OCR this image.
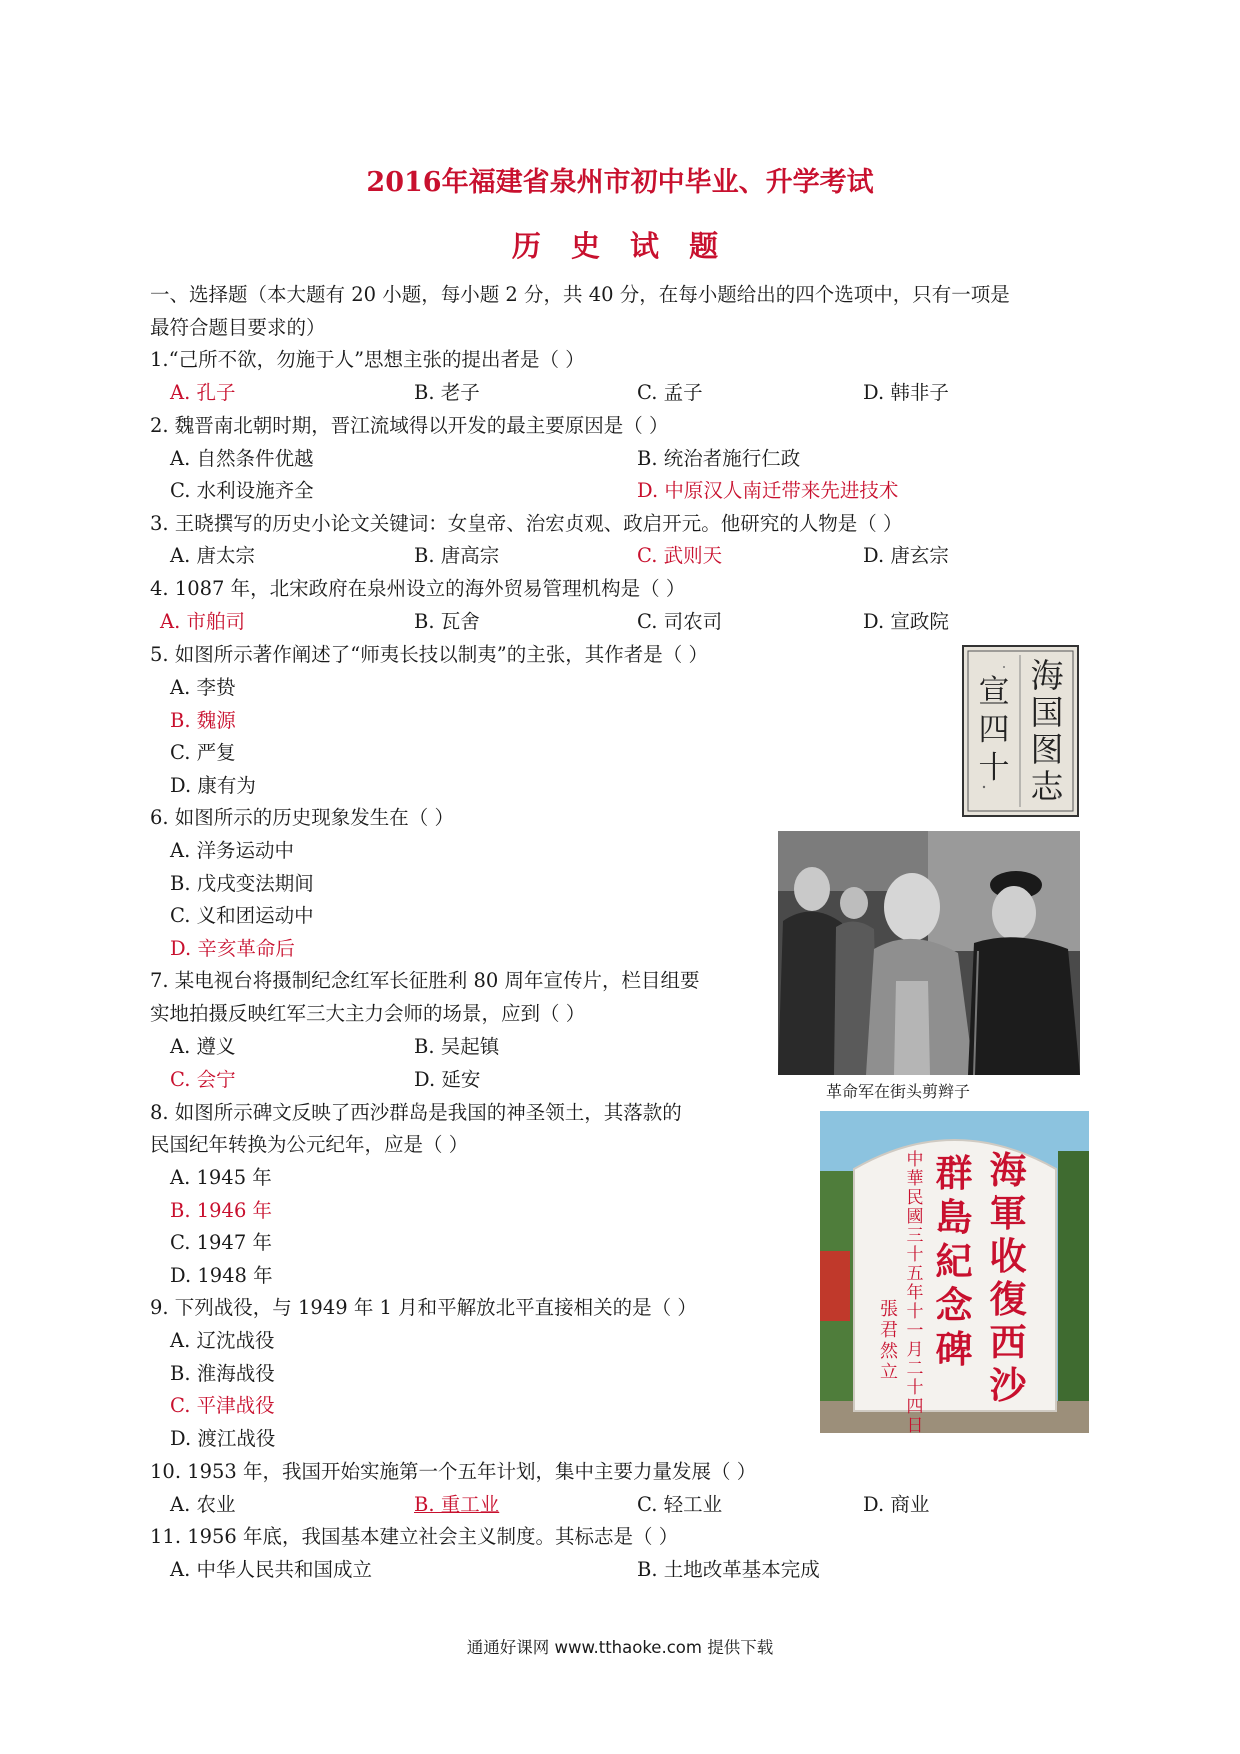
2016年福建省泉州市初中毕业、升学考试
历 史 试 题
一、选择题（本大题有 20 小题，每小题 2 分，共 40 分，在每小题给出的四个选项中，只有一项是
最符合题目要求的）
1.“己所不欲，勿施于人”思想主张的提出者是（ ）
A. 孔子	B. 老子	C. 孟子	D. 韩非子
2. 魏晋南北朝时期，晋江流域得以开发的最主要原因是（ ）
A. 自然条件优越	B. 统治者施行仁政
C. 水利设施齐全	D. 中原汉人南迁带来先进技术
3. 王晓撰写的历史小论文关键词：女皇帝、治宏贞观、政启开元。他研究的人物是（ ）
A. 唐太宗	B. 唐高宗	C. 武则天	D. 唐玄宗
4. 1087 年，北宋政府在泉州设立的海外贸易管理机构是（ ）
A. 市舶司	B. 瓦舍	C. 司农司	D. 宣政院
5. 如图所示著作阐述了“师夷长技以制夷”的主张，其作者是（ ）
A. 李贽
B. 魏源
C. 严复
D. 康有为
海国图志
宣四十
6. 如图所示的历史现象发生在（ ）
A. 洋务运动中
B. 戊戌变法期间
C. 义和团运动中
D. 辛亥革命后
革命军在街头剪辫子
7. 某电视台将摄制纪念红军长征胜利 80 周年宣传片，栏目组要
实地拍摄反映红军三大主力会师的场景，应到（ ）
A. 遵义	B. 吴起镇
C. 会宁	D. 延安
8. 如图所示碑文反映了西沙群岛是我国的神圣领土，其落款的
民国纪年转换为公元纪年，应是（ ）
A. 1945 年
B. 1946 年
C. 1947 年
D. 1948 年
海軍收復西沙
群島紀念碑
中華民國三十五年十一月二十四日
張君然立
9. 下列战役，与 1949 年 1 月和平解放北平直接相关的是（ ）
A. 辽沈战役
B. 淮海战役
C. 平津战役
D. 渡江战役
10. 1953 年，我国开始实施第一个五年计划，集中主要力量发展（ ）
A. 农业	B. 重工业	C. 轻工业	D. 商业
11. 1956 年底，我国基本建立社会主义制度。其标志是（ ）
A. 中华人民共和国成立	B. 土地改革基本完成
通通好课网 www.tthaoke.com 提供下载
